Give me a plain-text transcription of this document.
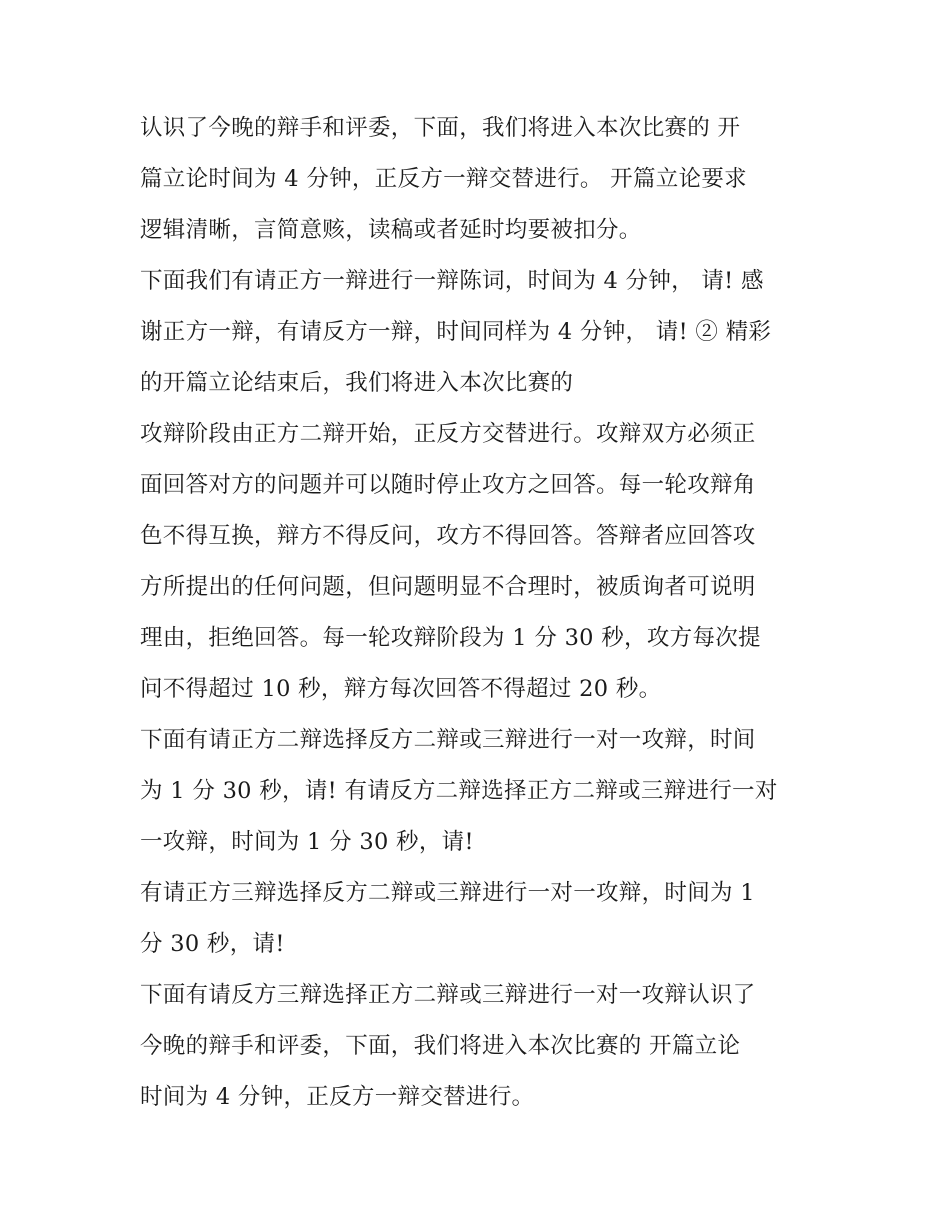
认识了今晚的辩手和评委，下面，我们将进入本次比赛的 开
篇立论时间为 4 分钟，正反方一辩交替进行。 开篇立论要求
逻辑清晰，言简意赅，读稿或者延时均要被扣分。
下面我们有请正方一辩进行一辩陈词，时间为 4 分钟， 请! 感
谢正方一辩，有请反方一辩，时间同样为 4 分钟， 请! ② 精彩
的开篇立论结束后，我们将进入本次比赛的
攻辩阶段由正方二辩开始，正反方交替进行。攻辩双方必须正
面回答对方的问题并可以随时停止攻方之回答。每一轮攻辩角
色不得互换，辩方不得反问，攻方不得回答。答辩者应回答攻
方所提出的任何问题，但问题明显不合理时，被质询者可说明
理由，拒绝回答。每一轮攻辩阶段为 1 分 30 秒，攻方每次提
问不得超过 10 秒，辩方每次回答不得超过 20 秒。
下面有请正方二辩选择反方二辩或三辩进行一对一攻辩，时间
为 1 分 30 秒，请! 有请反方二辩选择正方二辩或三辩进行一对
一攻辩，时间为 1 分 30 秒，请!
有请正方三辩选择反方二辩或三辩进行一对一攻辩，时间为 1
分 30 秒，请!
下面有请反方三辩选择正方二辩或三辩进行一对一攻辩认识了
今晚的辩手和评委，下面，我们将进入本次比赛的 开篇立论
时间为 4 分钟，正反方一辩交替进行。
